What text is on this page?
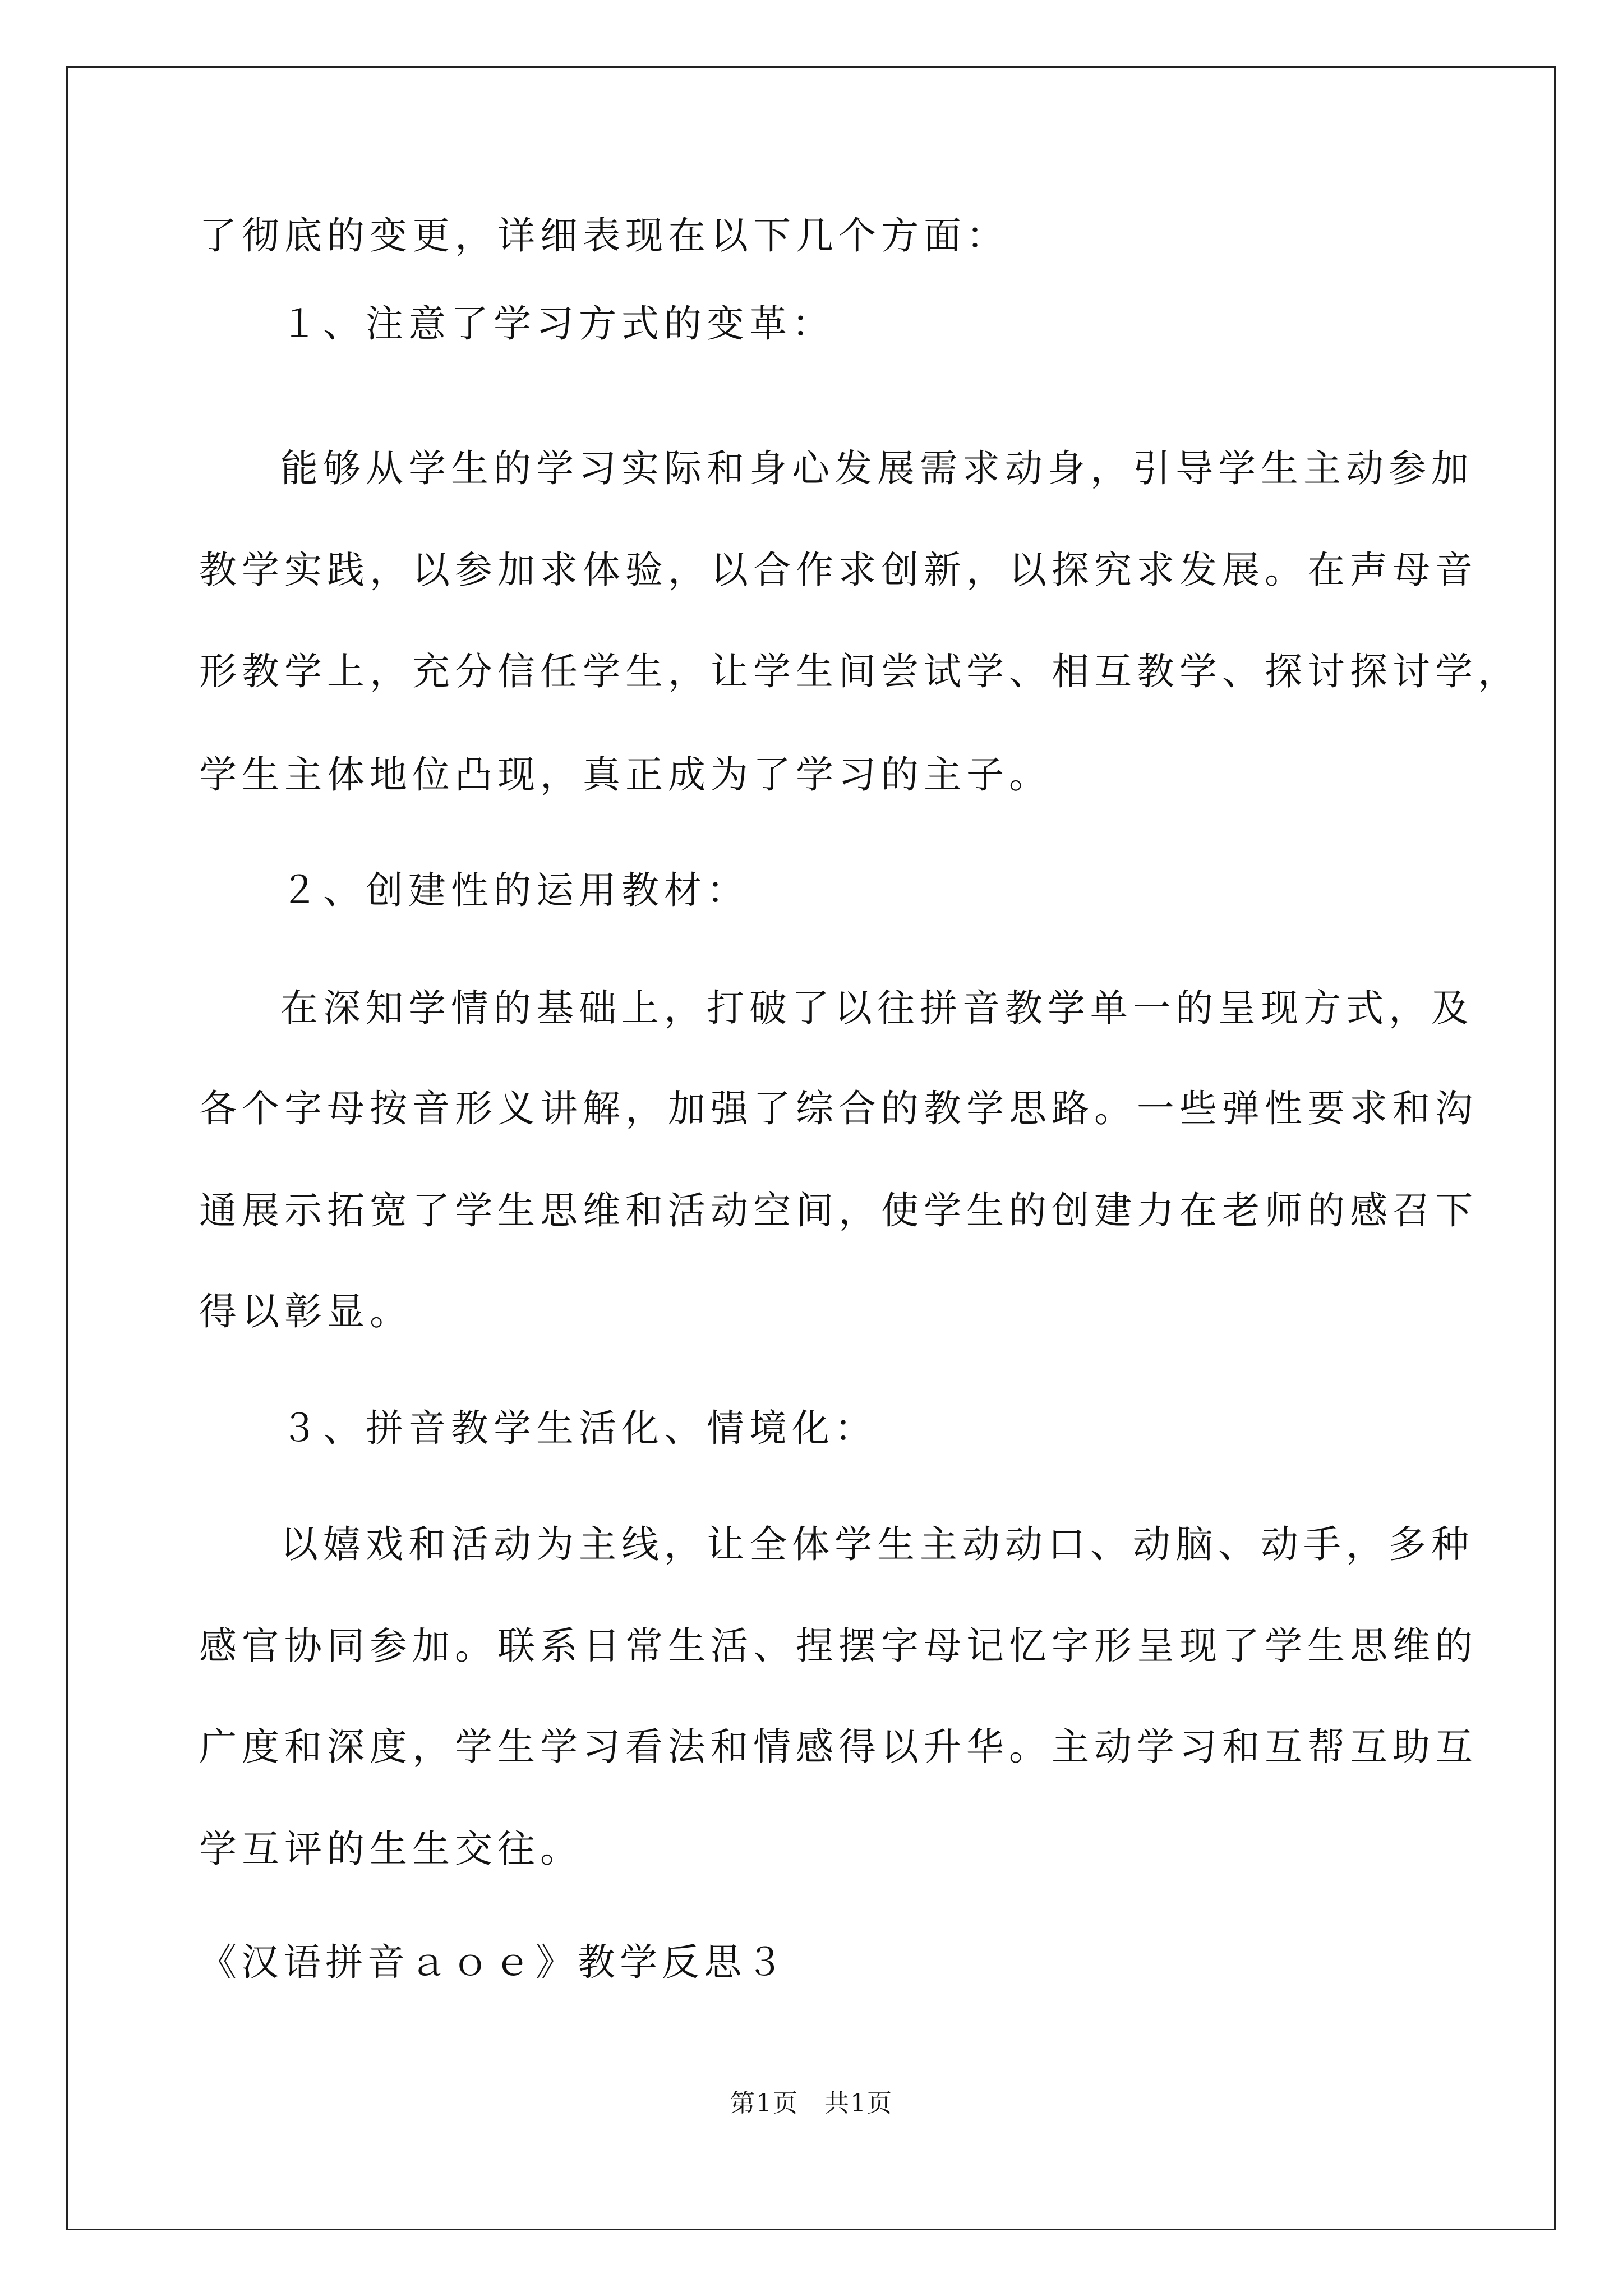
了彻底的变更，详细表现在以下几个方面：
１、注意了学习方式的变革：
能够从学生的学习实际和身心发展需求动身，引导学生主动参加
教学实践，以参加求体验，以合作求创新，以探究求发展。在声母音
形教学上，充分信任学生，让学生间尝试学、相互教学、探讨探讨学，
学生主体地位凸现，真正成为了学习的主子。
２、创建性的运用教材：
在深知学情的基础上，打破了以往拼音教学单一的呈现方式，及
各个字母按音形义讲解，加强了综合的教学思路。一些弹性要求和沟
通展示拓宽了学生思维和活动空间，使学生的创建力在老师的感召下
得以彰显。
３、拼音教学生活化、情境化：
以嬉戏和活动为主线，让全体学生主动动口、动脑、动手，多种
感官协同参加。联系日常生活、捏摆字母记忆字形呈现了学生思维的
广度和深度，学生学习看法和情感得以升华。主动学习和互帮互助互
学互评的生生交往。
《汉语拼音ａｏｅ》教学反思３
第1页　共1页
